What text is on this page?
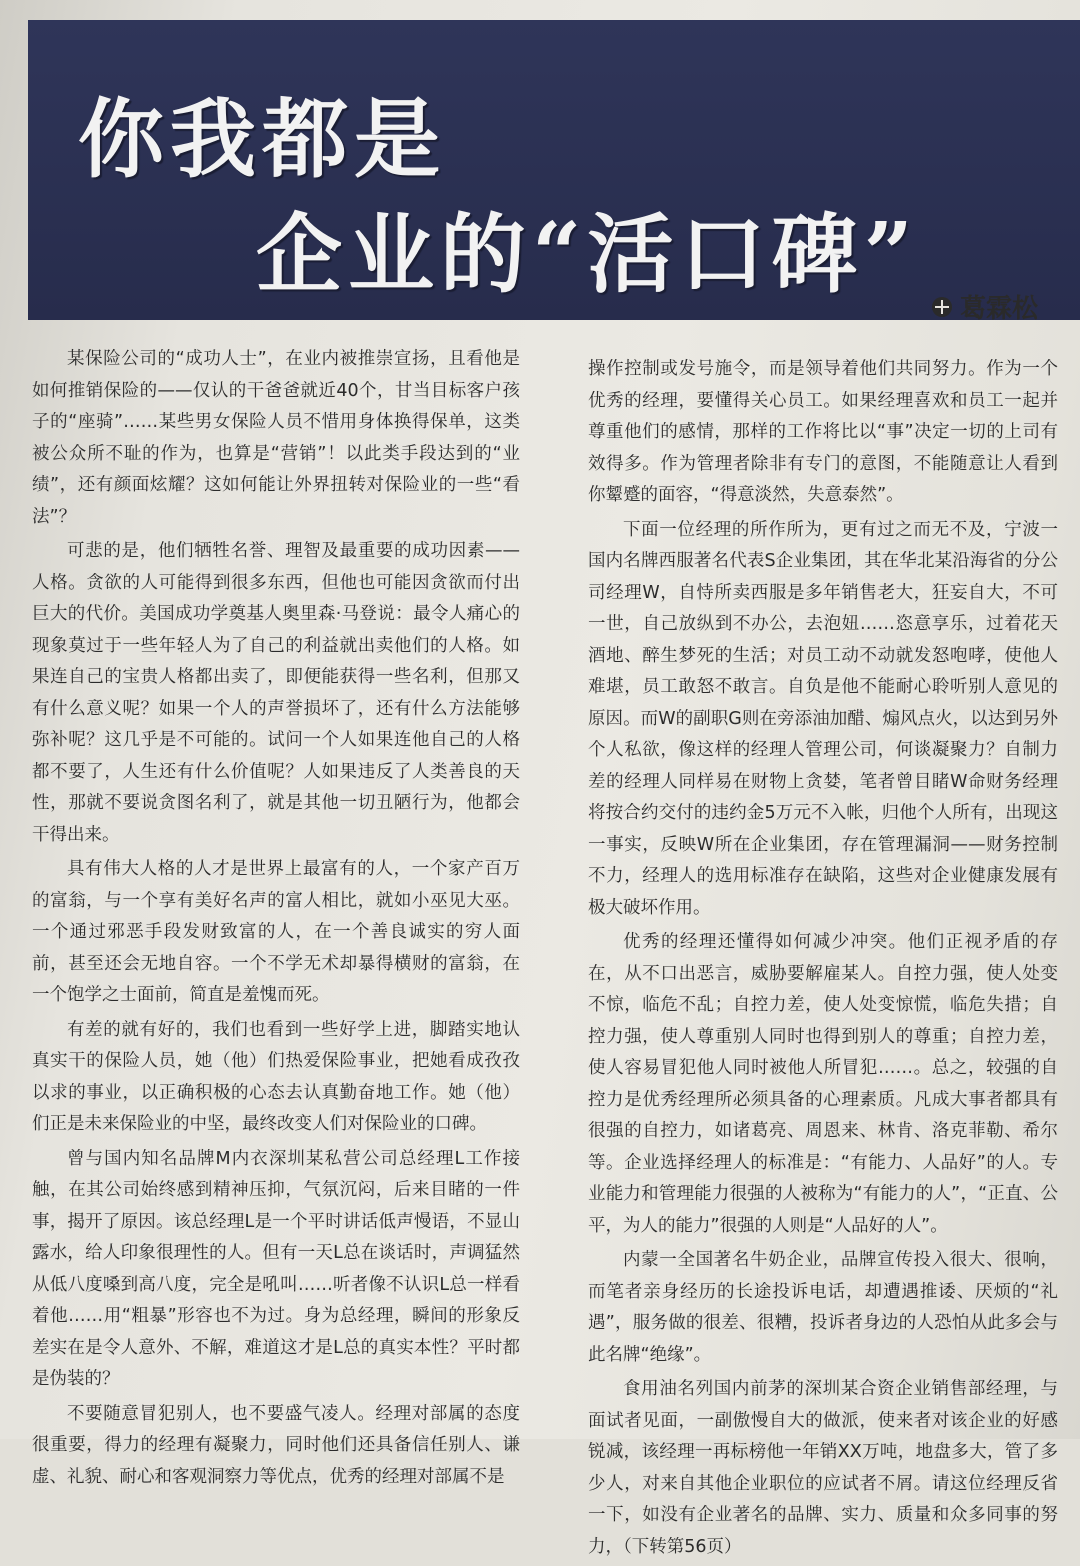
你我都是
企业的“活口碑”
葛霖松

某保险公司的“成功人士”，在业内被推崇宣扬，且看他是如何推销保险的——仅认的干爸爸就近40个，甘当目标客户孩子的“座骑”……某些男女保险人员不惜用身体换得保单，这类被公众所不耻的作为，也算是“营销”！以此类手段达到的“业绩”，还有颜面炫耀？这如何能让外界扭转对保险业的一些“看法”？

可悲的是，他们牺牲名誉、理智及最重要的成功因素——人格。贪欲的人可能得到很多东西，但他也可能因贪欲而付出巨大的代价。美国成功学奠基人奥里森·马登说：最令人痛心的现象莫过于一些年轻人为了自己的利益就出卖他们的人格。如果连自己的宝贵人格都出卖了，即便能获得一些名利，但那又有什么意义呢？如果一个人的声誉损坏了，还有什么方法能够弥补呢？这几乎是不可能的。试问一个人如果连他自己的人格都不要了，人生还有什么价值呢？人如果违反了人类善良的天性，那就不要说贪图名利了，就是其他一切丑陋行为，他都会干得出来。

具有伟大人格的人才是世界上最富有的人，一个家产百万的富翁，与一个享有美好名声的富人相比，就如小巫见大巫。一个通过邪恶手段发财致富的人，在一个善良诚实的穷人面前，甚至还会无地自容。一个不学无术却暴得横财的富翁，在一个饱学之士面前，简直是羞愧而死。

有差的就有好的，我们也看到一些好学上进，脚踏实地认真实干的保险人员，她（他）们热爱保险事业，把她看成孜孜以求的事业，以正确积极的心态去认真勤奋地工作。她（他）们正是未来保险业的中坚，最终改变人们对保险业的口碑。

曾与国内知名品牌M内衣深圳某私营公司总经理L工作接触，在其公司始终感到精神压抑，气氛沉闷，后来目睹的一件事，揭开了原因。该总经理L是一个平时讲话低声慢语，不显山露水，给人印象很理性的人。但有一天L总在谈话时，声调猛然从低八度嗓到高八度，完全是吼叫……听者像不认识L总一样看着他……用“粗暴”形容也不为过。身为总经理，瞬间的形象反差实在是令人意外、不解，难道这才是L总的真实本性？平时都是伪装的？

不要随意冒犯别人，也不要盛气凌人。经理对部属的态度很重要，得力的经理有凝聚力，同时他们还具备信任别人、谦虚、礼貌、耐心和客观洞察力等优点，优秀的经理对部属不是

操作控制或发号施令，而是领导着他们共同努力。作为一个优秀的经理，要懂得关心员工。如果经理喜欢和员工一起并尊重他们的感情，那样的工作将比以“事”决定一切的上司有效得多。作为管理者除非有专门的意图，不能随意让人看到你颦蹙的面容，“得意淡然，失意泰然”。

下面一位经理的所作所为，更有过之而无不及，宁波一国内名牌西服著名代表S企业集团，其在华北某沿海省的分公司经理W，自恃所卖西服是多年销售老大，狂妄自大，不可一世，自己放纵到不办公，去泡妞……恣意享乐，过着花天酒地、醉生梦死的生活；对员工动不动就发怒咆哮，使他人难堪，员工敢怒不敢言。自负是他不能耐心聆听别人意见的原因。而W的副职G则在旁添油加醋、煽风点火，以达到另外个人私欲，像这样的经理人管理公司，何谈凝聚力？自制力差的经理人同样易在财物上贪婪，笔者曾目睹W命财务经理将按合约交付的违约金5万元不入帐，归他个人所有，出现这一事实，反映W所在企业集团，存在管理漏洞——财务控制不力，经理人的选用标准存在缺陷，这些对企业健康发展有极大破坏作用。

优秀的经理还懂得如何减少冲突。他们正视矛盾的存在，从不口出恶言，威胁要解雇某人。自控力强，使人处变不惊，临危不乱；自控力差，使人处变惊慌，临危失措；自控力强，使人尊重别人同时也得到别人的尊重；自控力差，使人容易冒犯他人同时被他人所冒犯……。总之，较强的自控力是优秀经理所必须具备的心理素质。凡成大事者都具有很强的自控力，如诸葛亮、周恩来、林肯、洛克菲勒、希尔等。企业选择经理人的标准是：“有能力、人品好”的人。专业能力和管理能力很强的人被称为“有能力的人”，“正直、公平，为人的能力”很强的人则是“人品好的人”。

内蒙一全国著名牛奶企业，品牌宣传投入很大、很响，而笔者亲身经历的长途投诉电话，却遭遇推诿、厌烦的“礼遇”，服务做的很差、很糟，投诉者身边的人恐怕从此多会与此名牌“绝缘”。

食用油名列国内前茅的深圳某合资企业销售部经理，与面试者见面，一副傲慢自大的做派，使来者对该企业的好感锐减，该经理一再标榜他一年销XX万吨，地盘多大，管了多少人，对来自其他企业职位的应试者不屑。请这位经理反省一下，如没有企业著名的品牌、实力、质量和众多同事的努力，（下转第56页）
